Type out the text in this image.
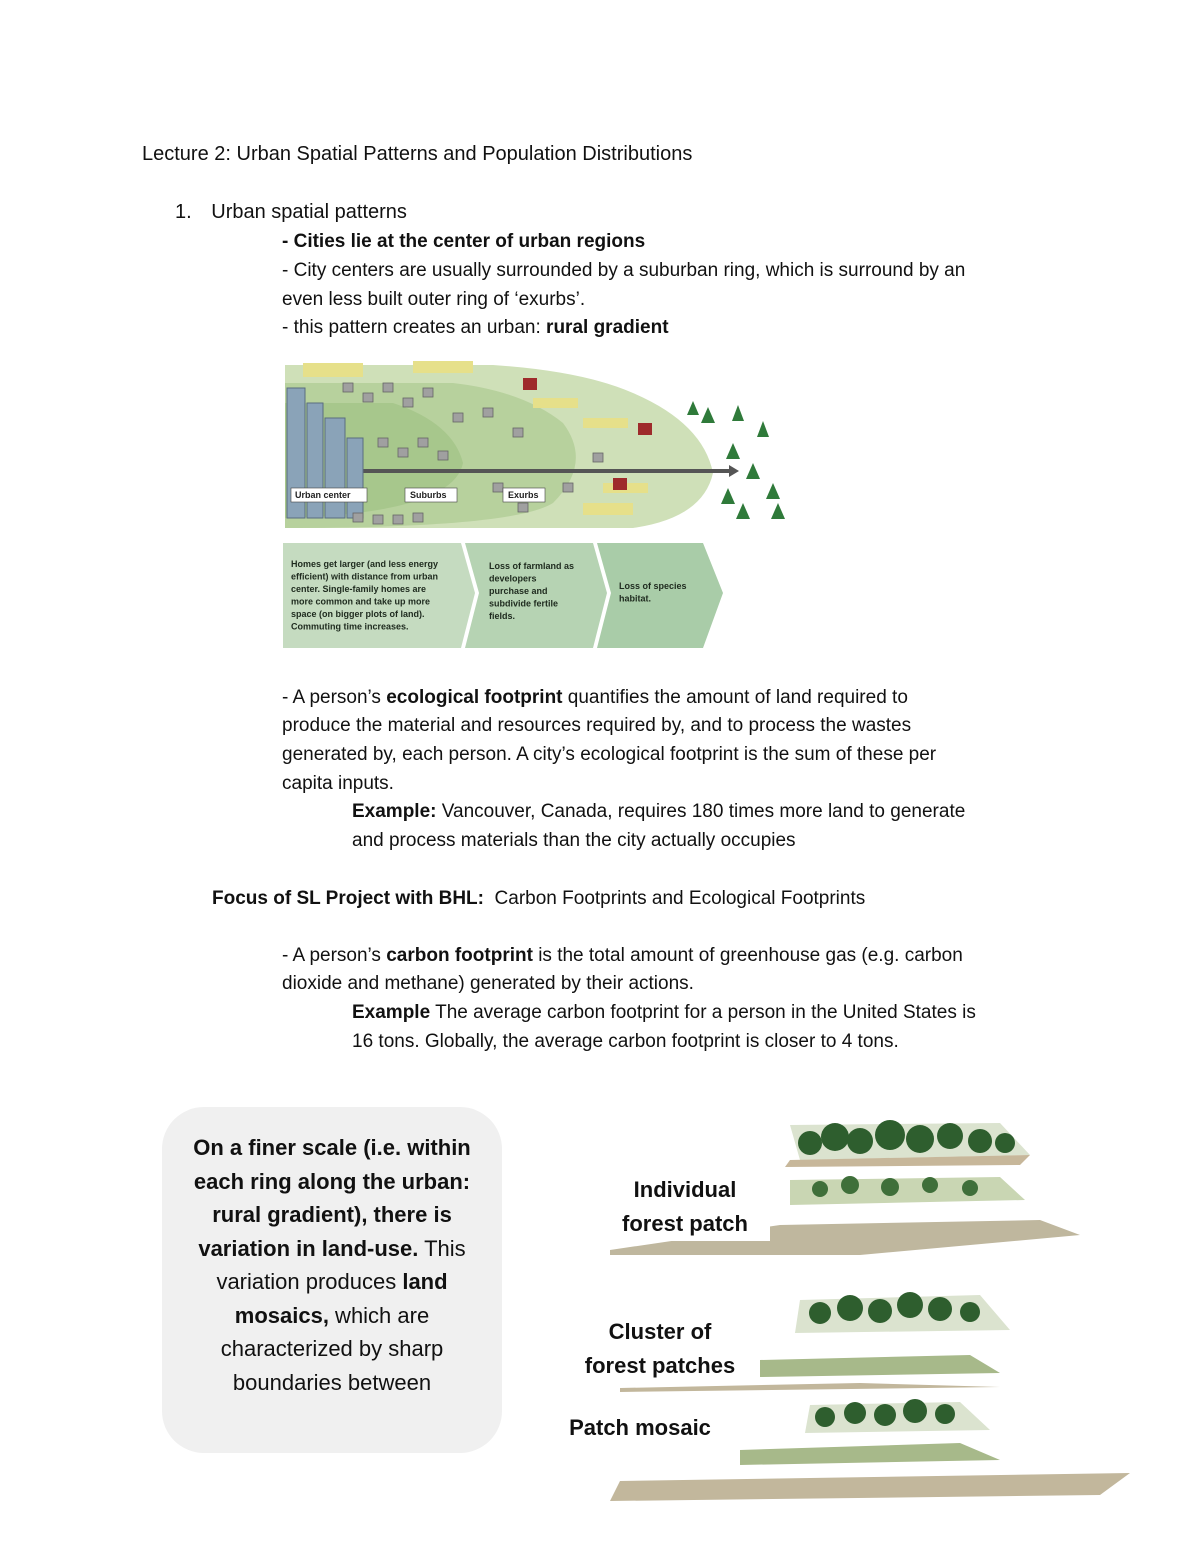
Lecture 2: Urban Spatial Patterns and Population Distributions
1. Urban spatial patterns
- Cities lie at the center of urban regions
- City centers are usually surrounded by a suburban ring, which is surround by an
even less built outer ring of ‘exurbs’.
- this pattern creates an urban: rural gradient
Urban center	Suburbs	Exurbs
Homes get larger (and less energy efficient) with distance from urban center. Single-family homes are more common and take up more space (on bigger plots of land). Commuting time increases.
Loss of farmland as developers purchase and subdivide fertile fields.
Loss of species habitat.
- A person’s ecological footprint quantifies the amount of land required to
produce the material and resources required by, and to process the wastes
generated by, each person. A city’s ecological footprint is the sum of these per
capita inputs.
Example: Vancouver, Canada, requires 180 times more land to generate
and process materials than the city actually occupies
Focus of SL Project with BHL:  Carbon Footprints and Ecological Footprints
- A person’s carbon footprint is the total amount of greenhouse gas (e.g. carbon
dioxide and methane) generated by their actions.
Example The average carbon footprint for a person in the United States is
16 tons. Globally, the average carbon footprint is closer to 4 tons.
On a finer scale (i.e. within each ring along the urban: rural gradient), there is variation in land-use. This variation produces land mosaics, which are characterized by sharp boundaries between
Individual
forest patch
Cluster of
forest patches
Patch mosaic
